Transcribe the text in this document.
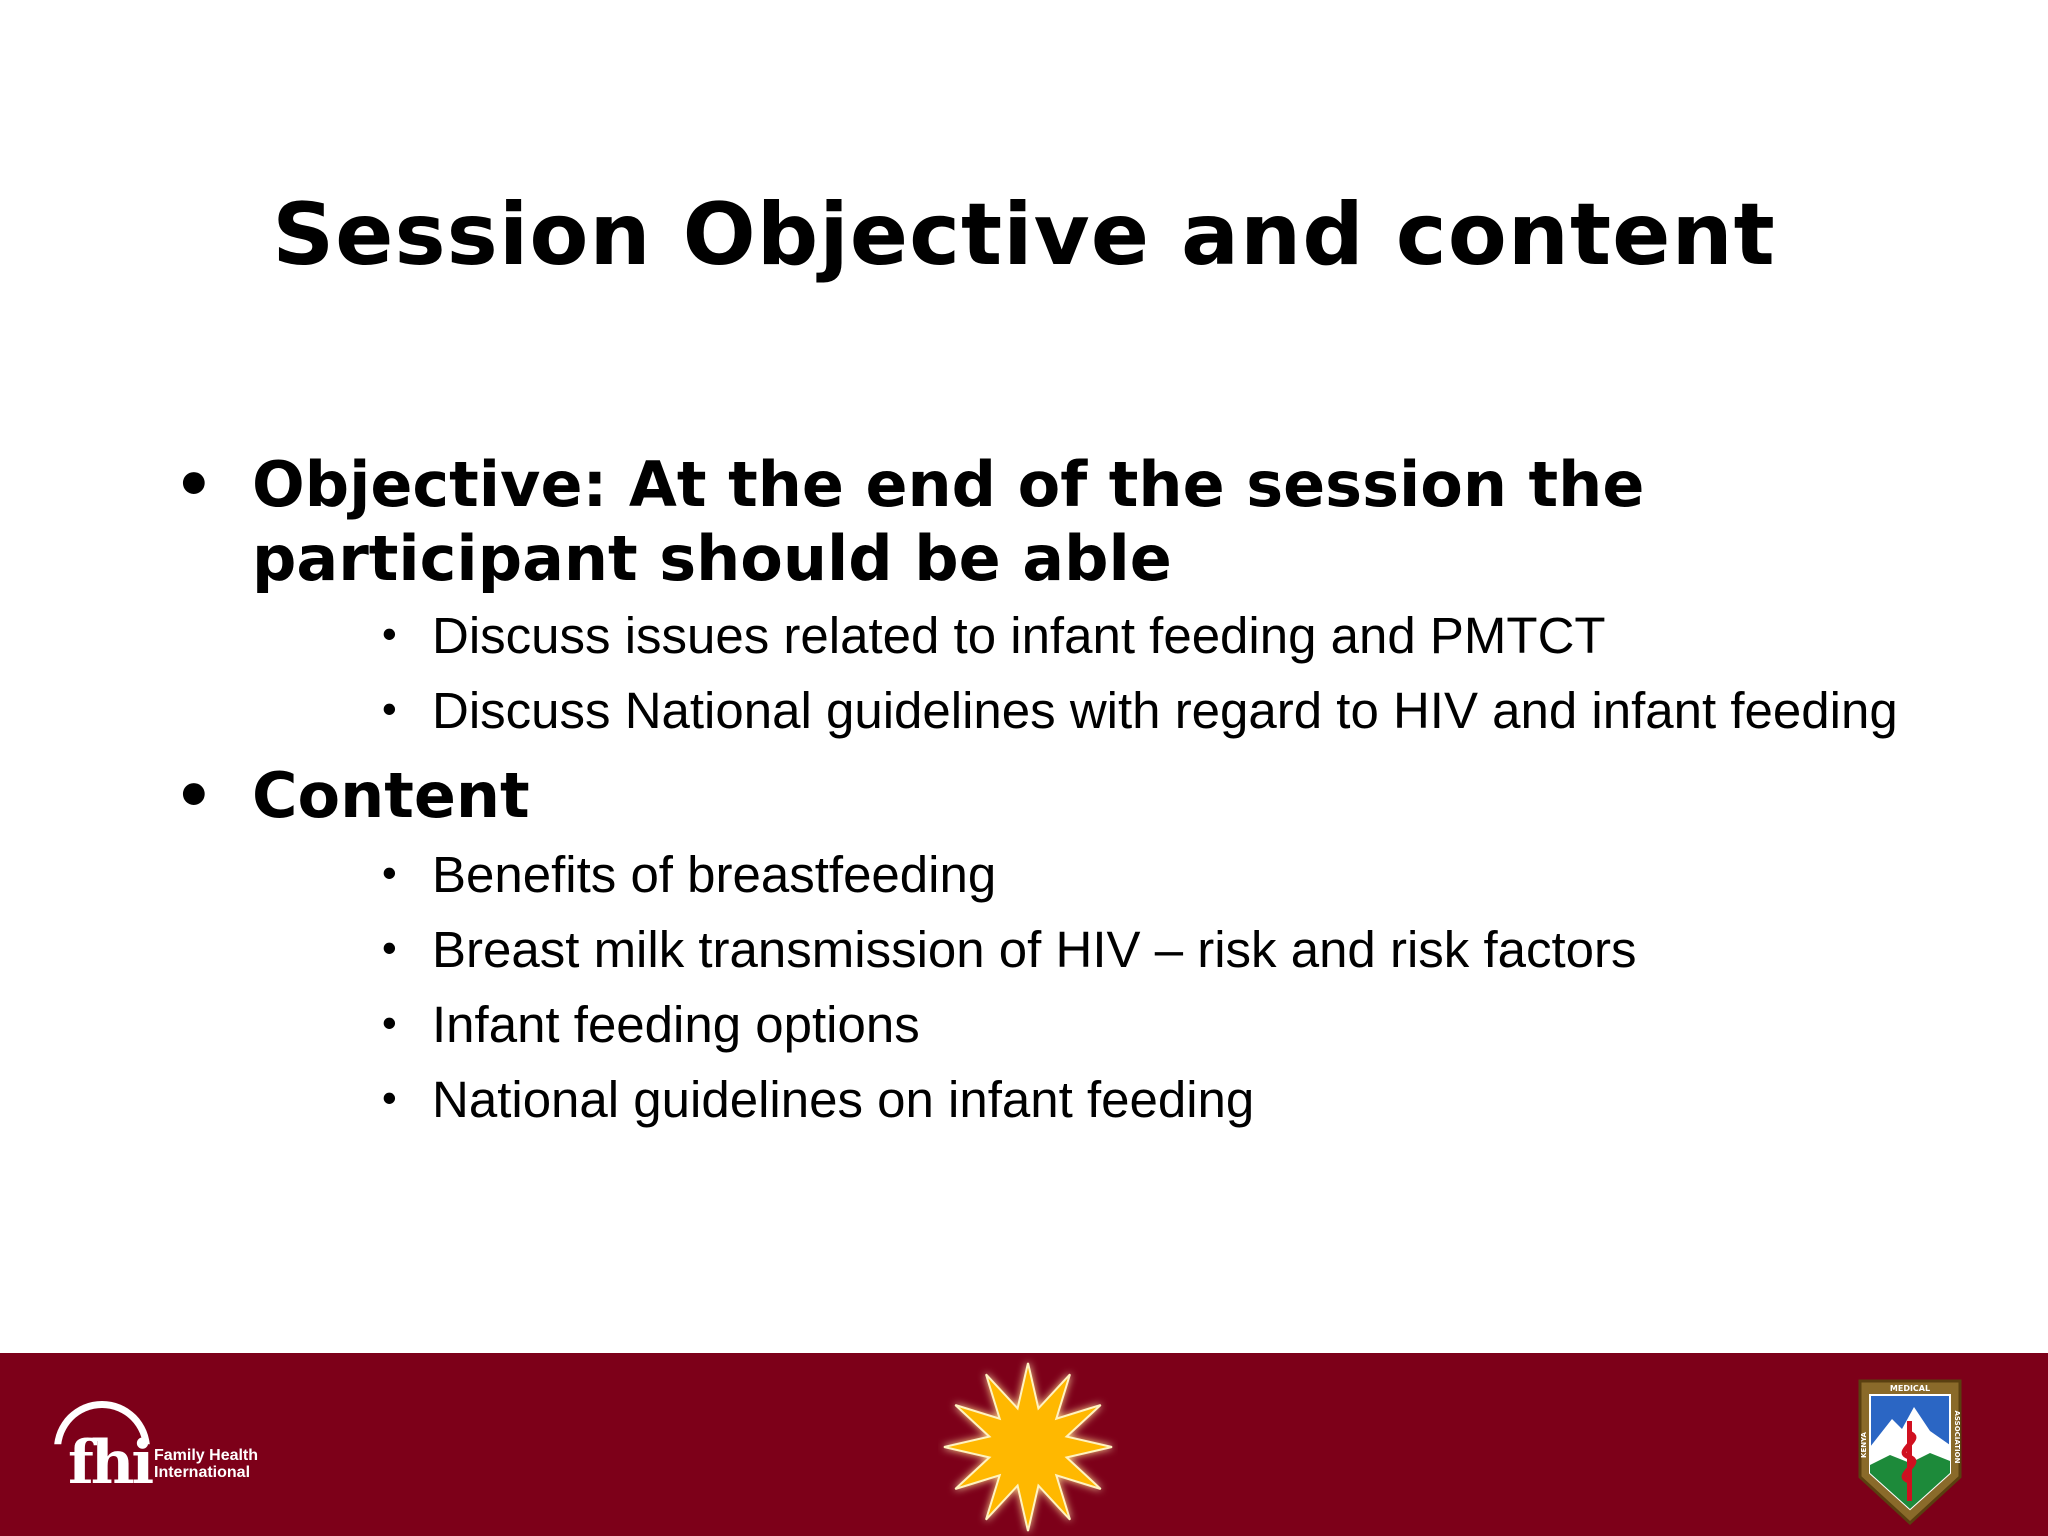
Session Objective and content

• Objective: At the end of the session the participant should be able

• Discuss issues related to infant feeding and PMTCT
• Discuss National guidelines with regard to HIV and infant feeding

• Content

• Benefits of breastfeeding
• Breast milk transmission of HIV – risk and risk factors
• Infant feeding options
• National guidelines on infant feeding
fhi Family Health
International
MEDICAL
KENYA	ASSOCIATION
